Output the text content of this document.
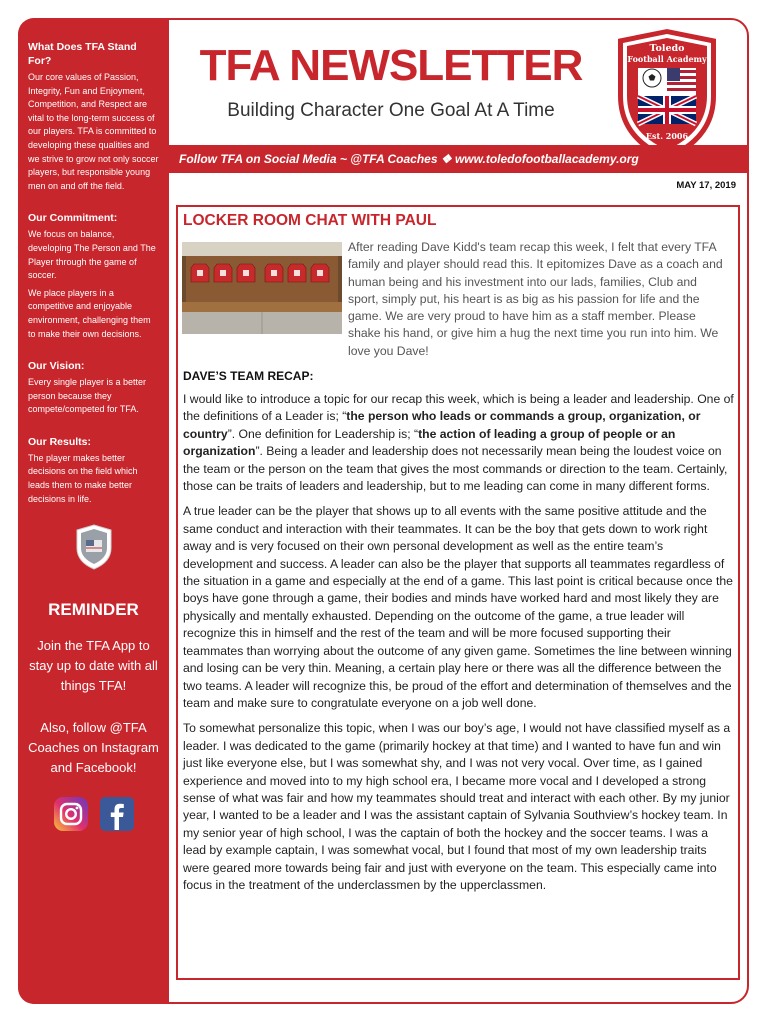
What Does TFA Stand For?
Our core values of Passion, Integrity, Fun and Enjoyment, Competition, and Respect are vital to the long-term success of our players. TFA is committed to developing these qualities and we strive to grow not only soccer players, but responsible young men on and off the field.
Our Commitment:
We focus on balance, developing The Person and The Player through the game of soccer.
We place players in a competitive and enjoyable environment, challenging them to make their own decisions.
Our Vision:
Every single player is a better person because they compete/competed for TFA.
Our Results:
The player makes better decisions on the field which leads them to make better decisions in life.
REMINDER
Join the TFA App to stay up to date with all things TFA!
Also, follow @TFA Coaches on Instagram and Facebook!
TFA NEWSLETTER
Building Character One Goal At A Time
Toledo
Football Academy
Est. 2006
Follow TFA on Social Media ~ @TFA Coaches ❖ www.toledofootballacademy.org
MAY 17, 2019
LOCKER ROOM CHAT WITH PAUL
After reading Dave Kidd's team recap this week, I felt that every TFA family and player should read this. It epitomizes Dave as a coach and human being and his investment into our lads, families, Club and sport, simply put, his heart is as big as his passion for life and the game. We are very proud to have him as a staff member. Please shake his hand, or give him a hug the next time you run into him. We love you Dave!
DAVE’S TEAM RECAP:

I would like to introduce a topic for our recap this week, which is being a leader and leadership. One of the definitions of a Leader is; “the person who leads or commands a group, organization, or country”. One definition for Leadership is; “the action of leading a group of people or an organization”. Being a leader and leadership does not necessarily mean being the loudest voice on the team or the person on the team that gives the most commands or direction to the team. Certainly, those can be traits of leaders and leadership, but to me leading can come in many different forms.

A true leader can be the player that shows up to all events with the same positive attitude and the same conduct and interaction with their teammates. It can be the boy that gets down to work right away and is very focused on their own personal development as well as the entire team’s development and success. A leader can also be the player that supports all teammates regardless of the situation in a game and especially at the end of a game. This last point is critical because once the boys have gone through a game, their bodies and minds have worked hard and most likely they are physically and mentally exhausted. Depending on the outcome of the game, a true leader will recognize this in himself and the rest of the team and will be more focused supporting their teammates than worrying about the outcome of any given game. Sometimes the line between winning and losing can be very thin. Meaning, a certain play here or there was all the difference between the two teams. A leader will recognize this, be proud of the effort and determination of themselves and the team and make sure to congratulate everyone on a job well done.

To somewhat personalize this topic, when I was our boy’s age, I would not have classified myself as a leader. I was dedicated to the game (primarily hockey at that time) and I wanted to have fun and win just like everyone else, but I was somewhat shy, and I was not very vocal. Over time, as I gained experience and moved into to my high school era, I became more vocal and I developed a strong sense of what was fair and how my teammates should treat and interact with each other. By my junior year, I wanted to be a leader and I was the assistant captain of Sylvania Southview’s hockey team. In my senior year of high school, I was the captain of both the hockey and the soccer teams. I was a lead by example captain, I was somewhat vocal, but I found that most of my own leadership traits were geared more towards being fair and just with everyone on the team. This especially came into focus in the treatment of the underclassmen by the upperclassmen.
